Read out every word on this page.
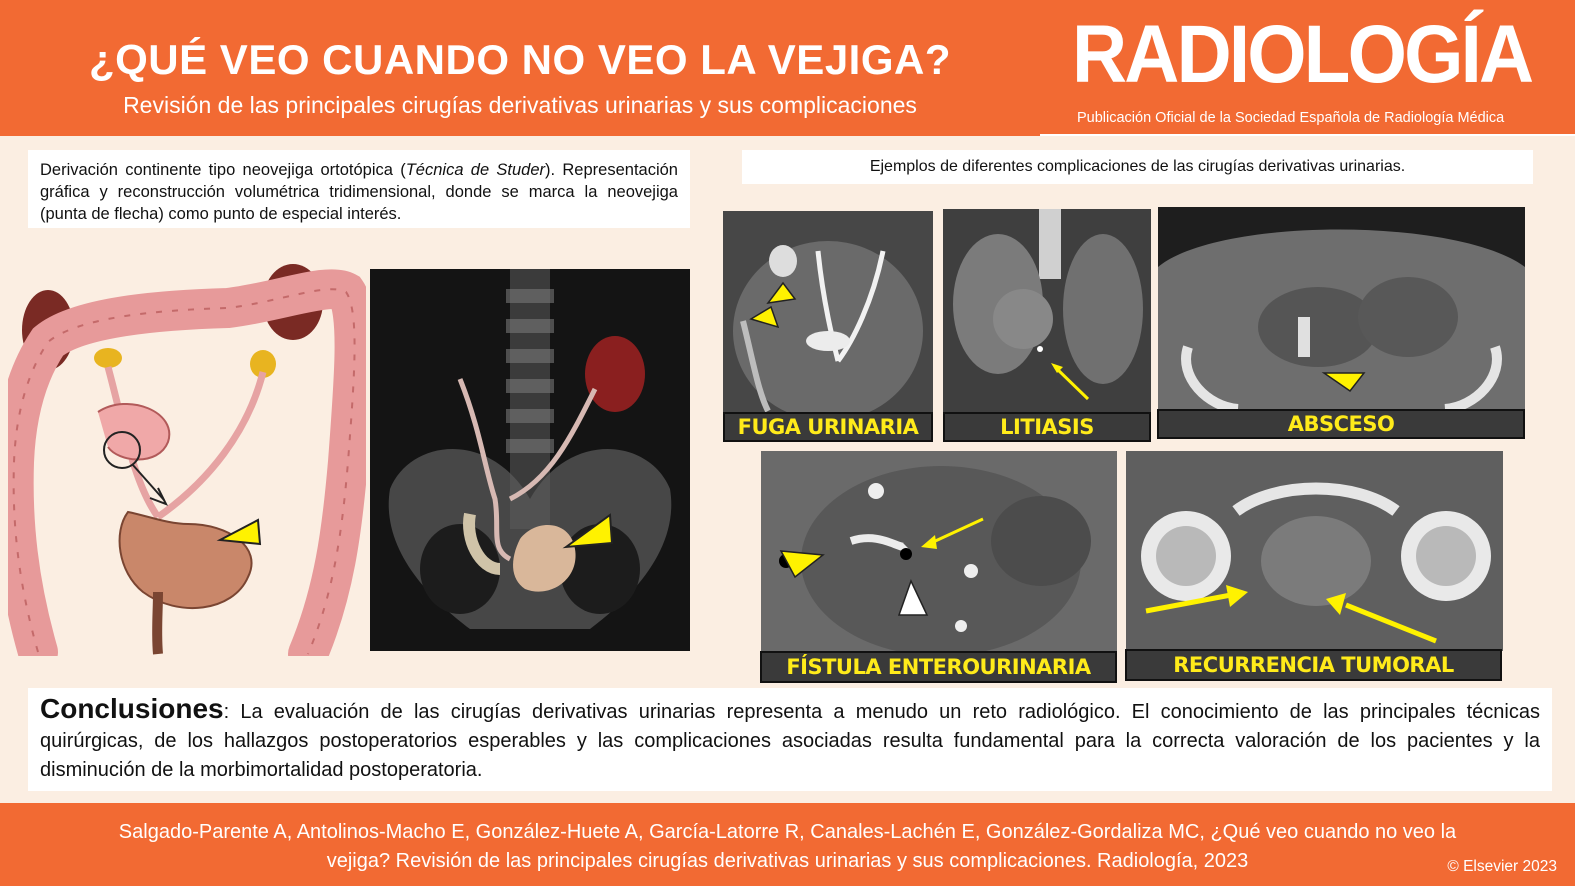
¿QUÉ VEO CUANDO NO VEO LA VEJIGA?
Revisión de las principales cirugías derivativas urinarias y sus complicaciones
RADIOLOGÍA
Publicación Oficial de la Sociedad Española de Radiología Médica
Derivación continente tipo neovejiga ortotópica (Técnica de Studer). Representación gráfica y reconstrucción volumétrica tridimensional, donde se marca la neovejiga (punta de flecha) como punto de especial interés.
Ejemplos de diferentes complicaciones de las cirugías derivativas urinarias.
FUGA URINARIA	LITIASIS	ABSCESO
FÍSTULA ENTEROURINARIA	RECURRENCIA TUMORAL
Conclusiones: La evaluación de las cirugías derivativas urinarias representa a menudo un reto radiológico. El conocimiento de las principales técnicas quirúrgicas, de los hallazgos postoperatorios esperables y las complicaciones asociadas resulta fundamental para la correcta valoración de los pacientes y la disminución de la morbimortalidad postoperatoria.
Salgado-Parente A, Antolinos-Macho E, González-Huete A, García-Latorre R, Canales-Lachén E, González-Gordaliza MC, ¿Qué veo cuando no veo la
vejiga? Revisión de las principales cirugías derivativas urinarias y sus complicaciones. Radiología, 2023	© Elsevier 2023
